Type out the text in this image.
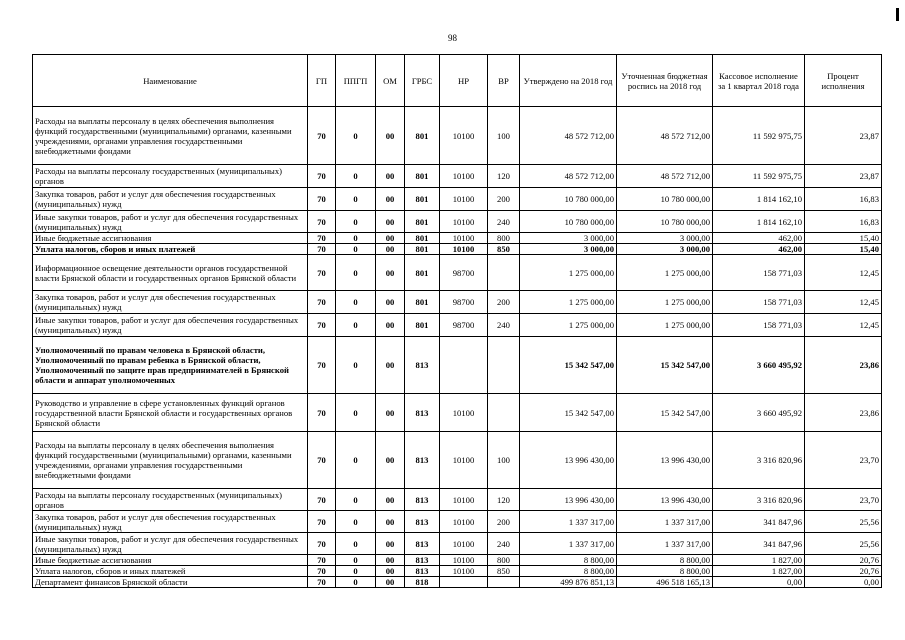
98
Наименование	ГП	ППГП	ОМ	ГРБС	НР	ВР	Утверждено на 2018 год	Уточненная бюджетная роспись на 2018 год	Кассовое исполнение за 1 квартал 2018 года	Процент исполнения
Расходы на выплаты персоналу в целях обеспечения выполнения функций государственными (муниципальными) органами, казенными учреждениями, органами управления государственными внебюджетными фондами	70	0	00	801	10100	100	48 572 712,00	48 572 712,00	11 592 975,75	23,87
Расходы на выплаты персоналу государственных (муниципальных) органов	70	0	00	801	10100	120	48 572 712,00	48 572 712,00	11 592 975,75	23,87
Закупка товаров, работ и услуг для обеспечения государственных (муниципальных) нужд	70	0	00	801	10100	200	10 780 000,00	10 780 000,00	1 814 162,10	16,83
Иные закупки товаров, работ и услуг для обеспечения государственных (муниципальных) нужд	70	0	00	801	10100	240	10 780 000,00	10 780 000,00	1 814 162,10	16,83
Иные бюджетные ассигнования	70	0	00	801	10100	800	3 000,00	3 000,00	462,00	15,40
Уплата налогов, сборов и иных платежей	70	0	00	801	10100	850	3 000,00	3 000,00	462,00	15,40
Информационное освещение деятельности органов государственной власти Брянской области и государственных органов Брянской области	70	0	00	801	98700		1 275 000,00	1 275 000,00	158 771,03	12,45
Закупка товаров, работ и услуг для обеспечения государственных (муниципальных) нужд	70	0	00	801	98700	200	1 275 000,00	1 275 000,00	158 771,03	12,45
Иные закупки товаров, работ и услуг для обеспечения государственных (муниципальных) нужд	70	0	00	801	98700	240	1 275 000,00	1 275 000,00	158 771,03	12,45
Уполномоченный по правам человека в Брянской области, Уполномоченный по правам ребенка в Брянской области, Уполномоченный по защите прав предпринимателей в Брянской области и аппарат уполномоченных	70	0	00	813			15 342 547,00	15 342 547,00	3 660 495,92	23,86
Руководство и управление в сфере установленных функций органов государственной власти Брянской области и государственных органов Брянской области	70	0	00	813	10100		15 342 547,00	15 342 547,00	3 660 495,92	23,86
Расходы на выплаты персоналу в целях обеспечения выполнения функций государственными (муниципальными) органами, казенными учреждениями, органами управления государственными внебюджетными фондами	70	0	00	813	10100	100	13 996 430,00	13 996 430,00	3 316 820,96	23,70
Расходы на выплаты персоналу государственных (муниципальных) органов	70	0	00	813	10100	120	13 996 430,00	13 996 430,00	3 316 820,96	23,70
Закупка товаров, работ и услуг для обеспечения государственных (муниципальных) нужд	70	0	00	813	10100	200	1 337 317,00	1 337 317,00	341 847,96	25,56
Иные закупки товаров, работ и услуг для обеспечения государственных (муниципальных) нужд	70	0	00	813	10100	240	1 337 317,00	1 337 317,00	341 847,96	25,56
Иные бюджетные ассигнования	70	0	00	813	10100	800	8 800,00	8 800,00	1 827,00	20,76
Уплата налогов, сборов и иных платежей	70	0	00	813	10100	850	8 800,00	8 800,00	1 827,00	20,76
Департамент финансов Брянской области	70	0	00	818			499 876 851,13	496 518 165,13	0,00	0,00
